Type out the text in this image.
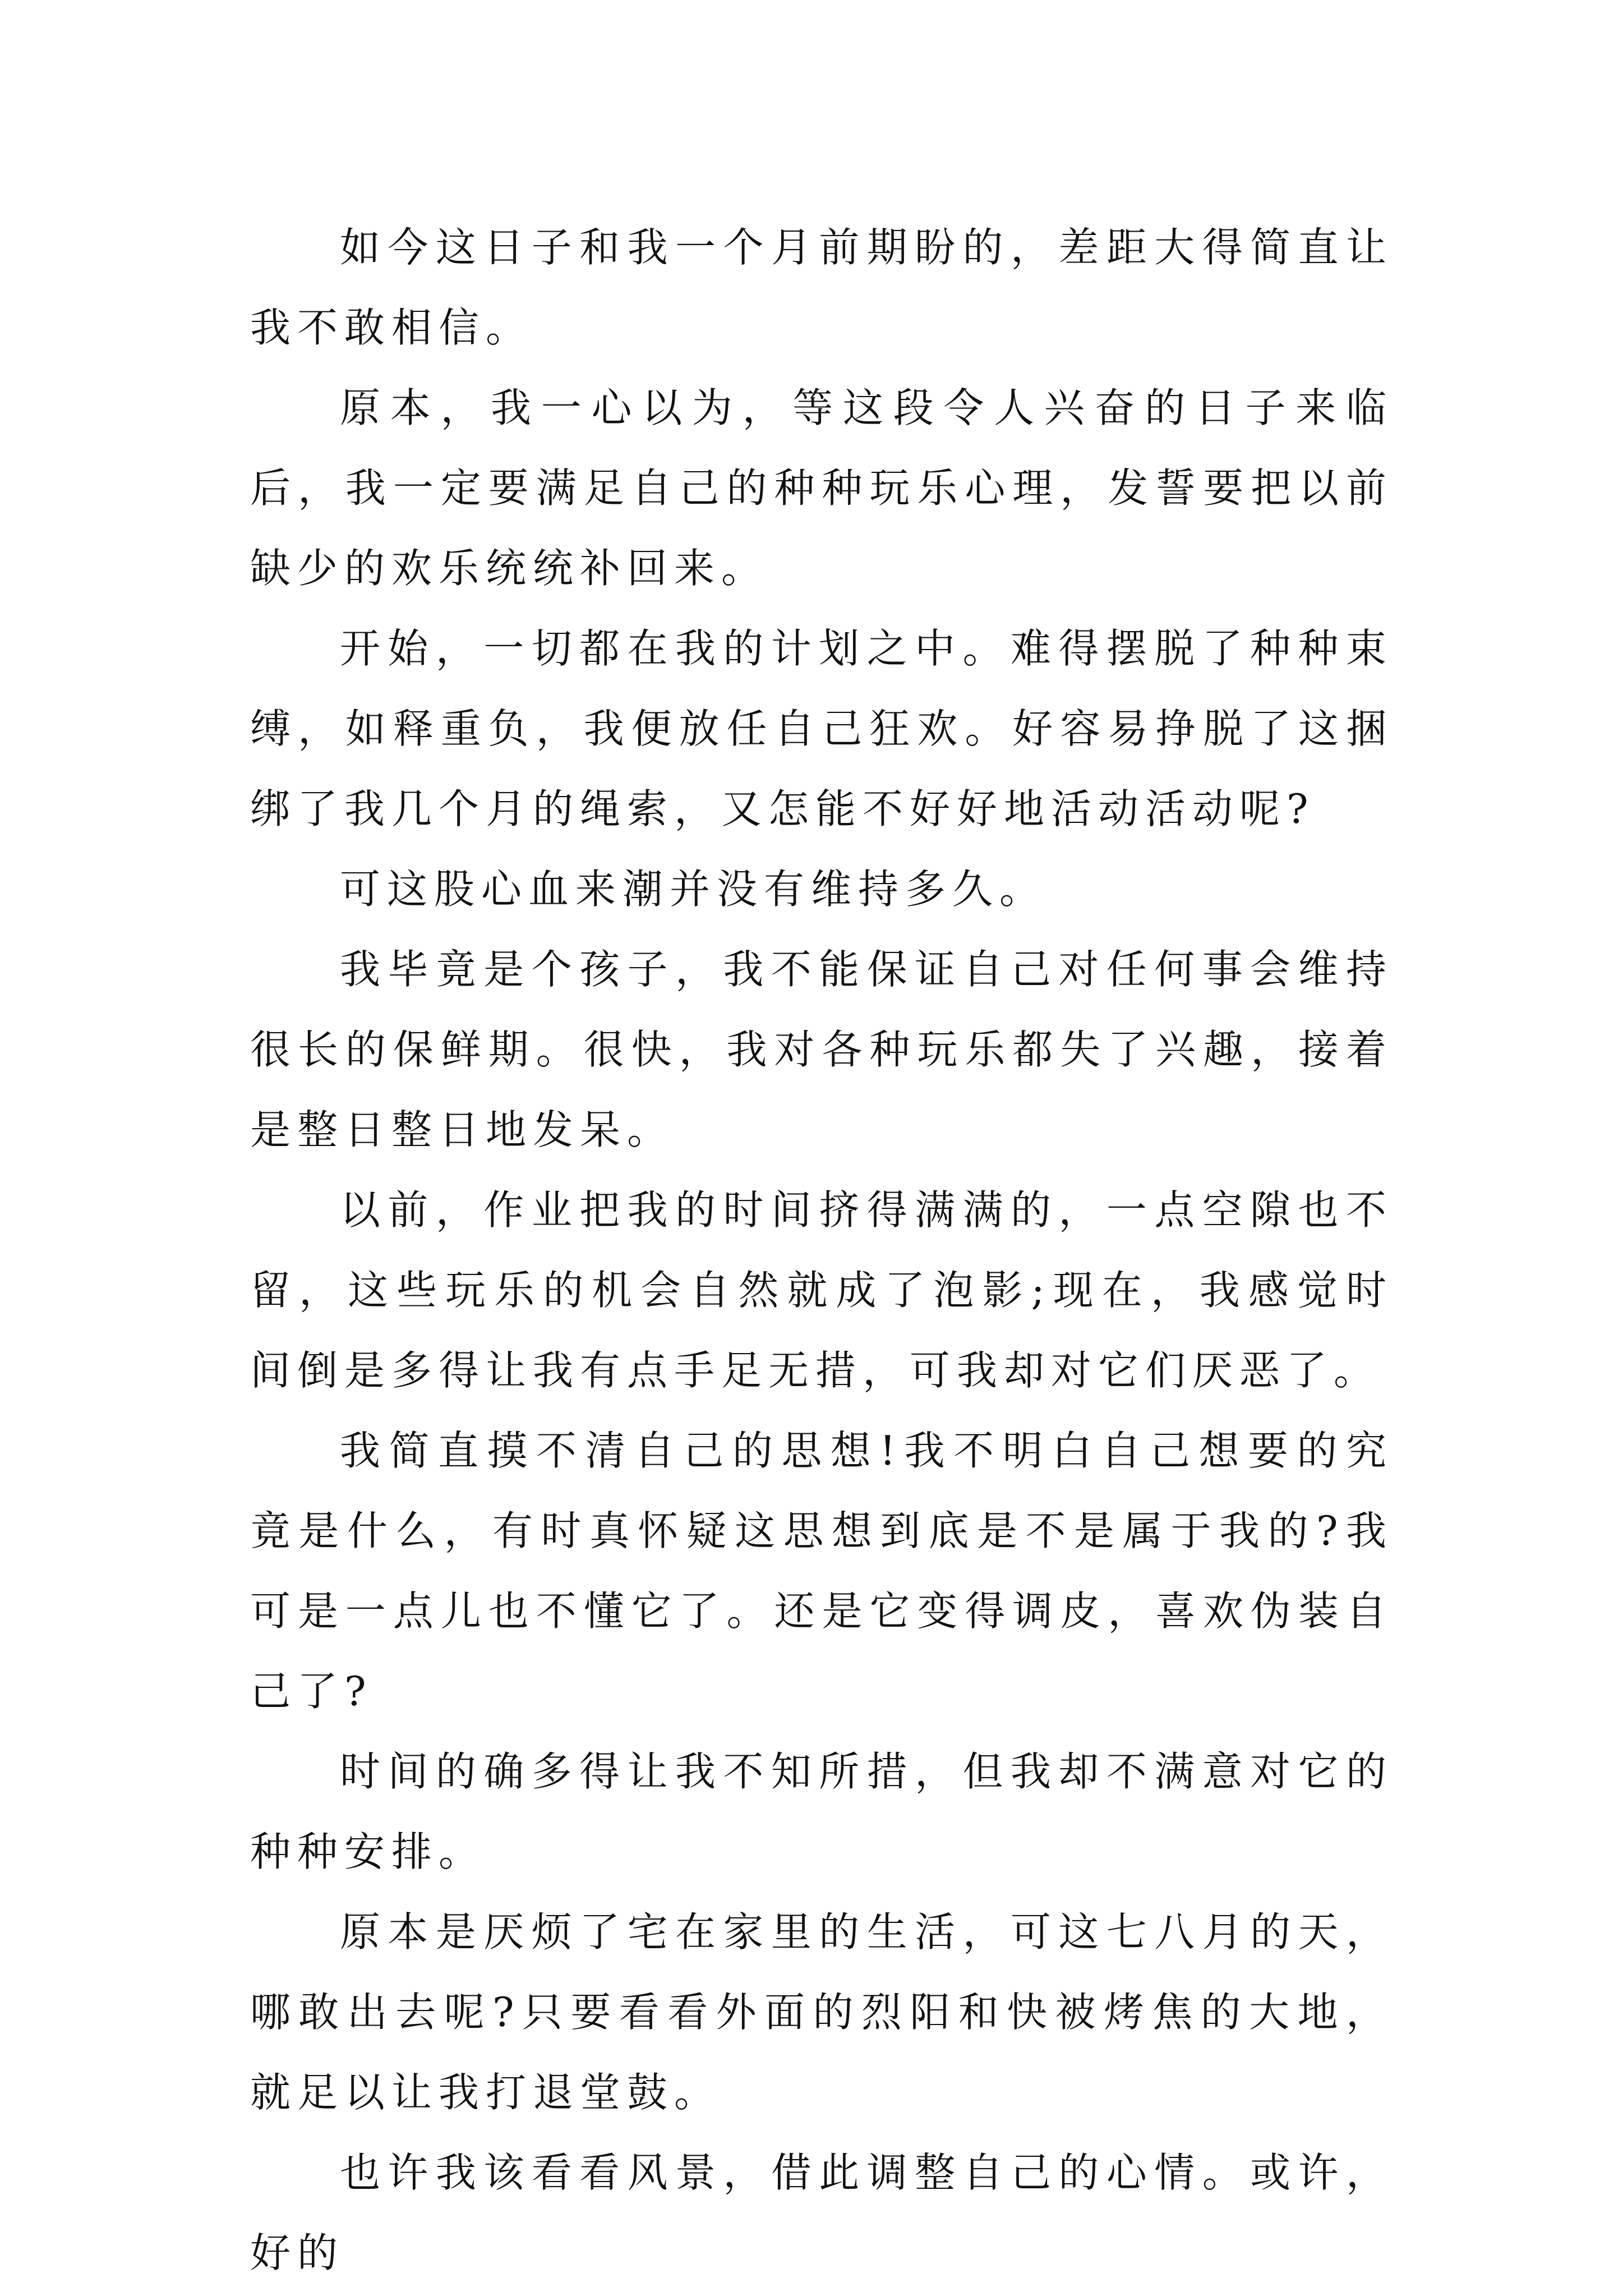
如今这日子和我一个月前期盼的，差距大得简直让我不敢相信。

原本，我一心以为，等这段令人兴奋的日子来临后，我一定要满足自己的种种玩乐心理，发誓要把以前缺少的欢乐统统补回来。

开始，一切都在我的计划之中。难得摆脱了种种束缚，如释重负，我便放任自己狂欢。好容易挣脱了这捆绑了我几个月的绳索，又怎能不好好地活动活动呢?

可这股心血来潮并没有维持多久。

我毕竟是个孩子，我不能保证自己对任何事会维持很长的保鲜期。很快，我对各种玩乐都失了兴趣，接着是整日整日地发呆。

以前，作业把我的时间挤得满满的，一点空隙也不留，这些玩乐的机会自然就成了泡影;现在，我感觉时间倒是多得让我有点手足无措，可我却对它们厌恶了。

我简直摸不清自己的思想!我不明白自己想要的究竟是什么，有时真怀疑这思想到底是不是属于我的?我可是一点儿也不懂它了。还是它变得调皮，喜欢伪装自己了?

时间的确多得让我不知所措，但我却不满意对它的种种安排。

原本是厌烦了宅在家里的生活，可这七八月的天，哪敢出去呢?只要看看外面的烈阳和快被烤焦的大地，就足以让我打退堂鼓。

也许我该看看风景，借此调整自己的心情。或许，好的
